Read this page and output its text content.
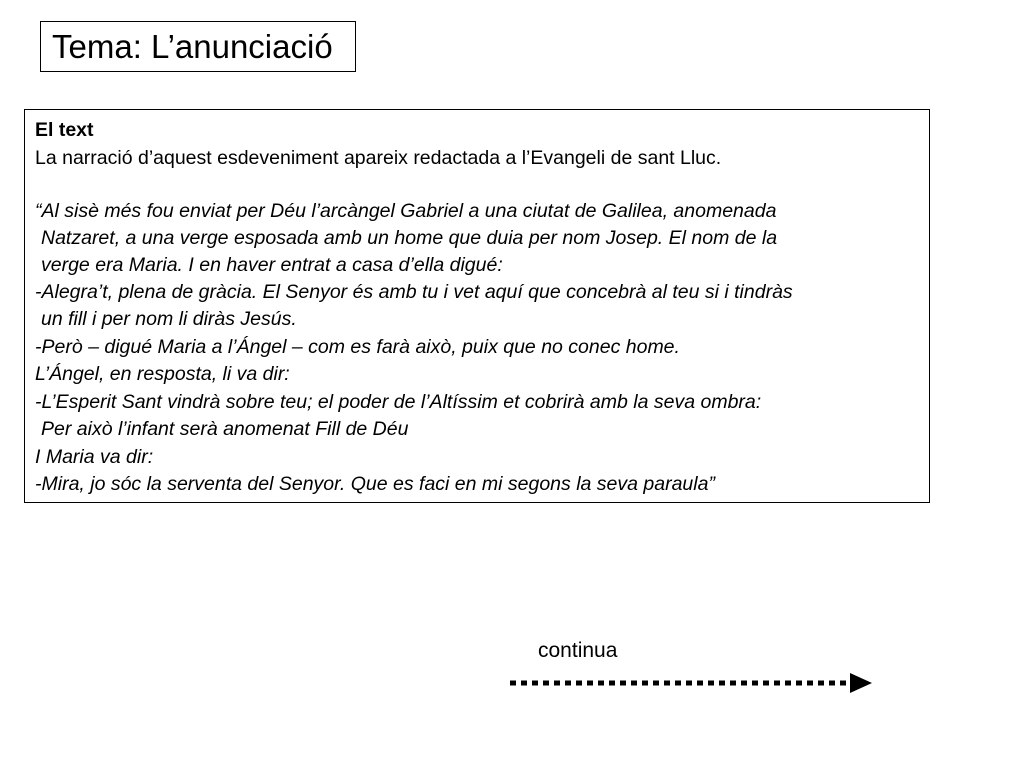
Tema: L’anunciació
El text
La narració d’aquest esdeveniment apareix redactada a l’Evangeli de sant Lluc.
“Al sisè més fou enviat per Déu l’arcàngel Gabriel a una ciutat de Galilea, anomenada
Natzaret, a una verge esposada amb un home que duia per nom Josep. El nom de la
verge era Maria. I en haver entrat a casa d’ella digué:
-Alegra’t, plena de gràcia. El Senyor és amb tu i vet aquí que concebrà al teu si i tindràs
un fill i per nom li diràs Jesús.
-Però – digué Maria a l’Ángel – com es farà això, puix que no conec home.
L’Ángel, en resposta, li va dir:
-L’Esperit Sant vindrà sobre teu; el poder de l’Altíssim et cobrirà amb la seva ombra:
Per això l’infant serà anomenat Fill de Déu
I Maria va dir:
-Mira, jo sóc la serventa del Senyor. Que es faci en mi segons la seva paraula”
continua
